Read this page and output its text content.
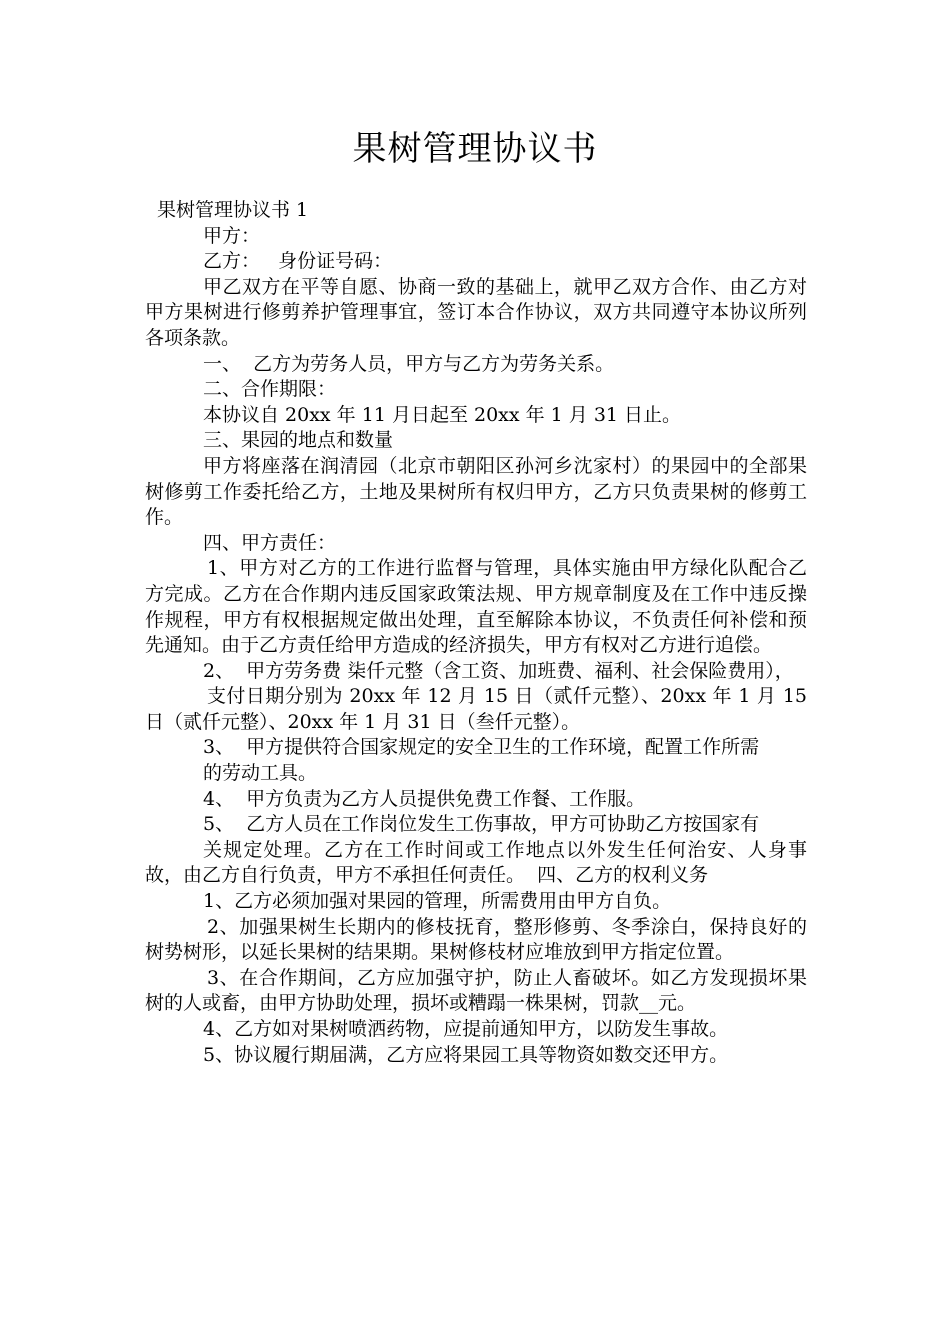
果树管理协议书

果树管理协议书 1

甲方：

乙方：   身份证号码：

甲乙双方在平等自愿、协商一致的基础上，就甲乙双方合作、由乙方对甲方果树进行修剪养护管理事宜，签订本合作协议，双方共同遵守本协议所列各项条款。

一、  乙方为劳务人员，甲方与乙方为劳务关系。

二、合作期限：

本协议自 20xx 年 11 月日起至 20xx 年 1 月 31 日止。

三、果园的地点和数量

甲方将座落在润清园（北京市朝阳区孙河乡沈家村）的果园中的全部果树修剪工作委托给乙方，土地及果树所有权归甲方，乙方只负责果树的修剪工作。

四、甲方责任：

1、甲方对乙方的工作进行监督与管理，具体实施由甲方绿化队配合乙方完成。乙方在合作期内违反国家政策法规、甲方规章制度及在工作中违反操作规程，甲方有权根据规定做出处理，直至解除本协议，不负责任何补偿和预先通知。由于乙方责任给甲方造成的经济损失，甲方有权对乙方进行追偿。

2、  甲方劳务费 柒仟元整（含工资、加班费、福利、社会保险费用），

支付日期分别为 20xx 年 12 月 15 日（贰仟元整）、20xx 年 1 月 15 日（贰仟元整）、20xx 年 1 月 31 日（叁仟元整）。

3、  甲方提供符合国家规定的安全卫生的工作环境，配置工作所需

的劳动工具。

4、  甲方负责为乙方人员提供免费工作餐、工作服。

5、  乙方人员在工作岗位发生工伤事故，甲方可协助乙方按国家有

关规定处理。乙方在工作时间或工作地点以外发生任何治安、人身事故，由乙方自行负责，甲方不承担任何责任。  四、乙方的权利义务

1、乙方必须加强对果园的管理，所需费用由甲方自负。

2、加强果树生长期内的修枝抚育，整形修剪、冬季涂白，保持良好的树势树形，以延长果树的结果期。果树修枝材应堆放到甲方指定位置。

3、在合作期间，乙方应加强守护，防止人畜破坏。如乙方发现损坏果树的人或畜，由甲方协助处理，损坏或糟蹋一株果树，罚款__元。

4、乙方如对果树喷洒药物，应提前通知甲方，以防发生事故。

5、协议履行期届满，乙方应将果园工具等物资如数交还甲方。
